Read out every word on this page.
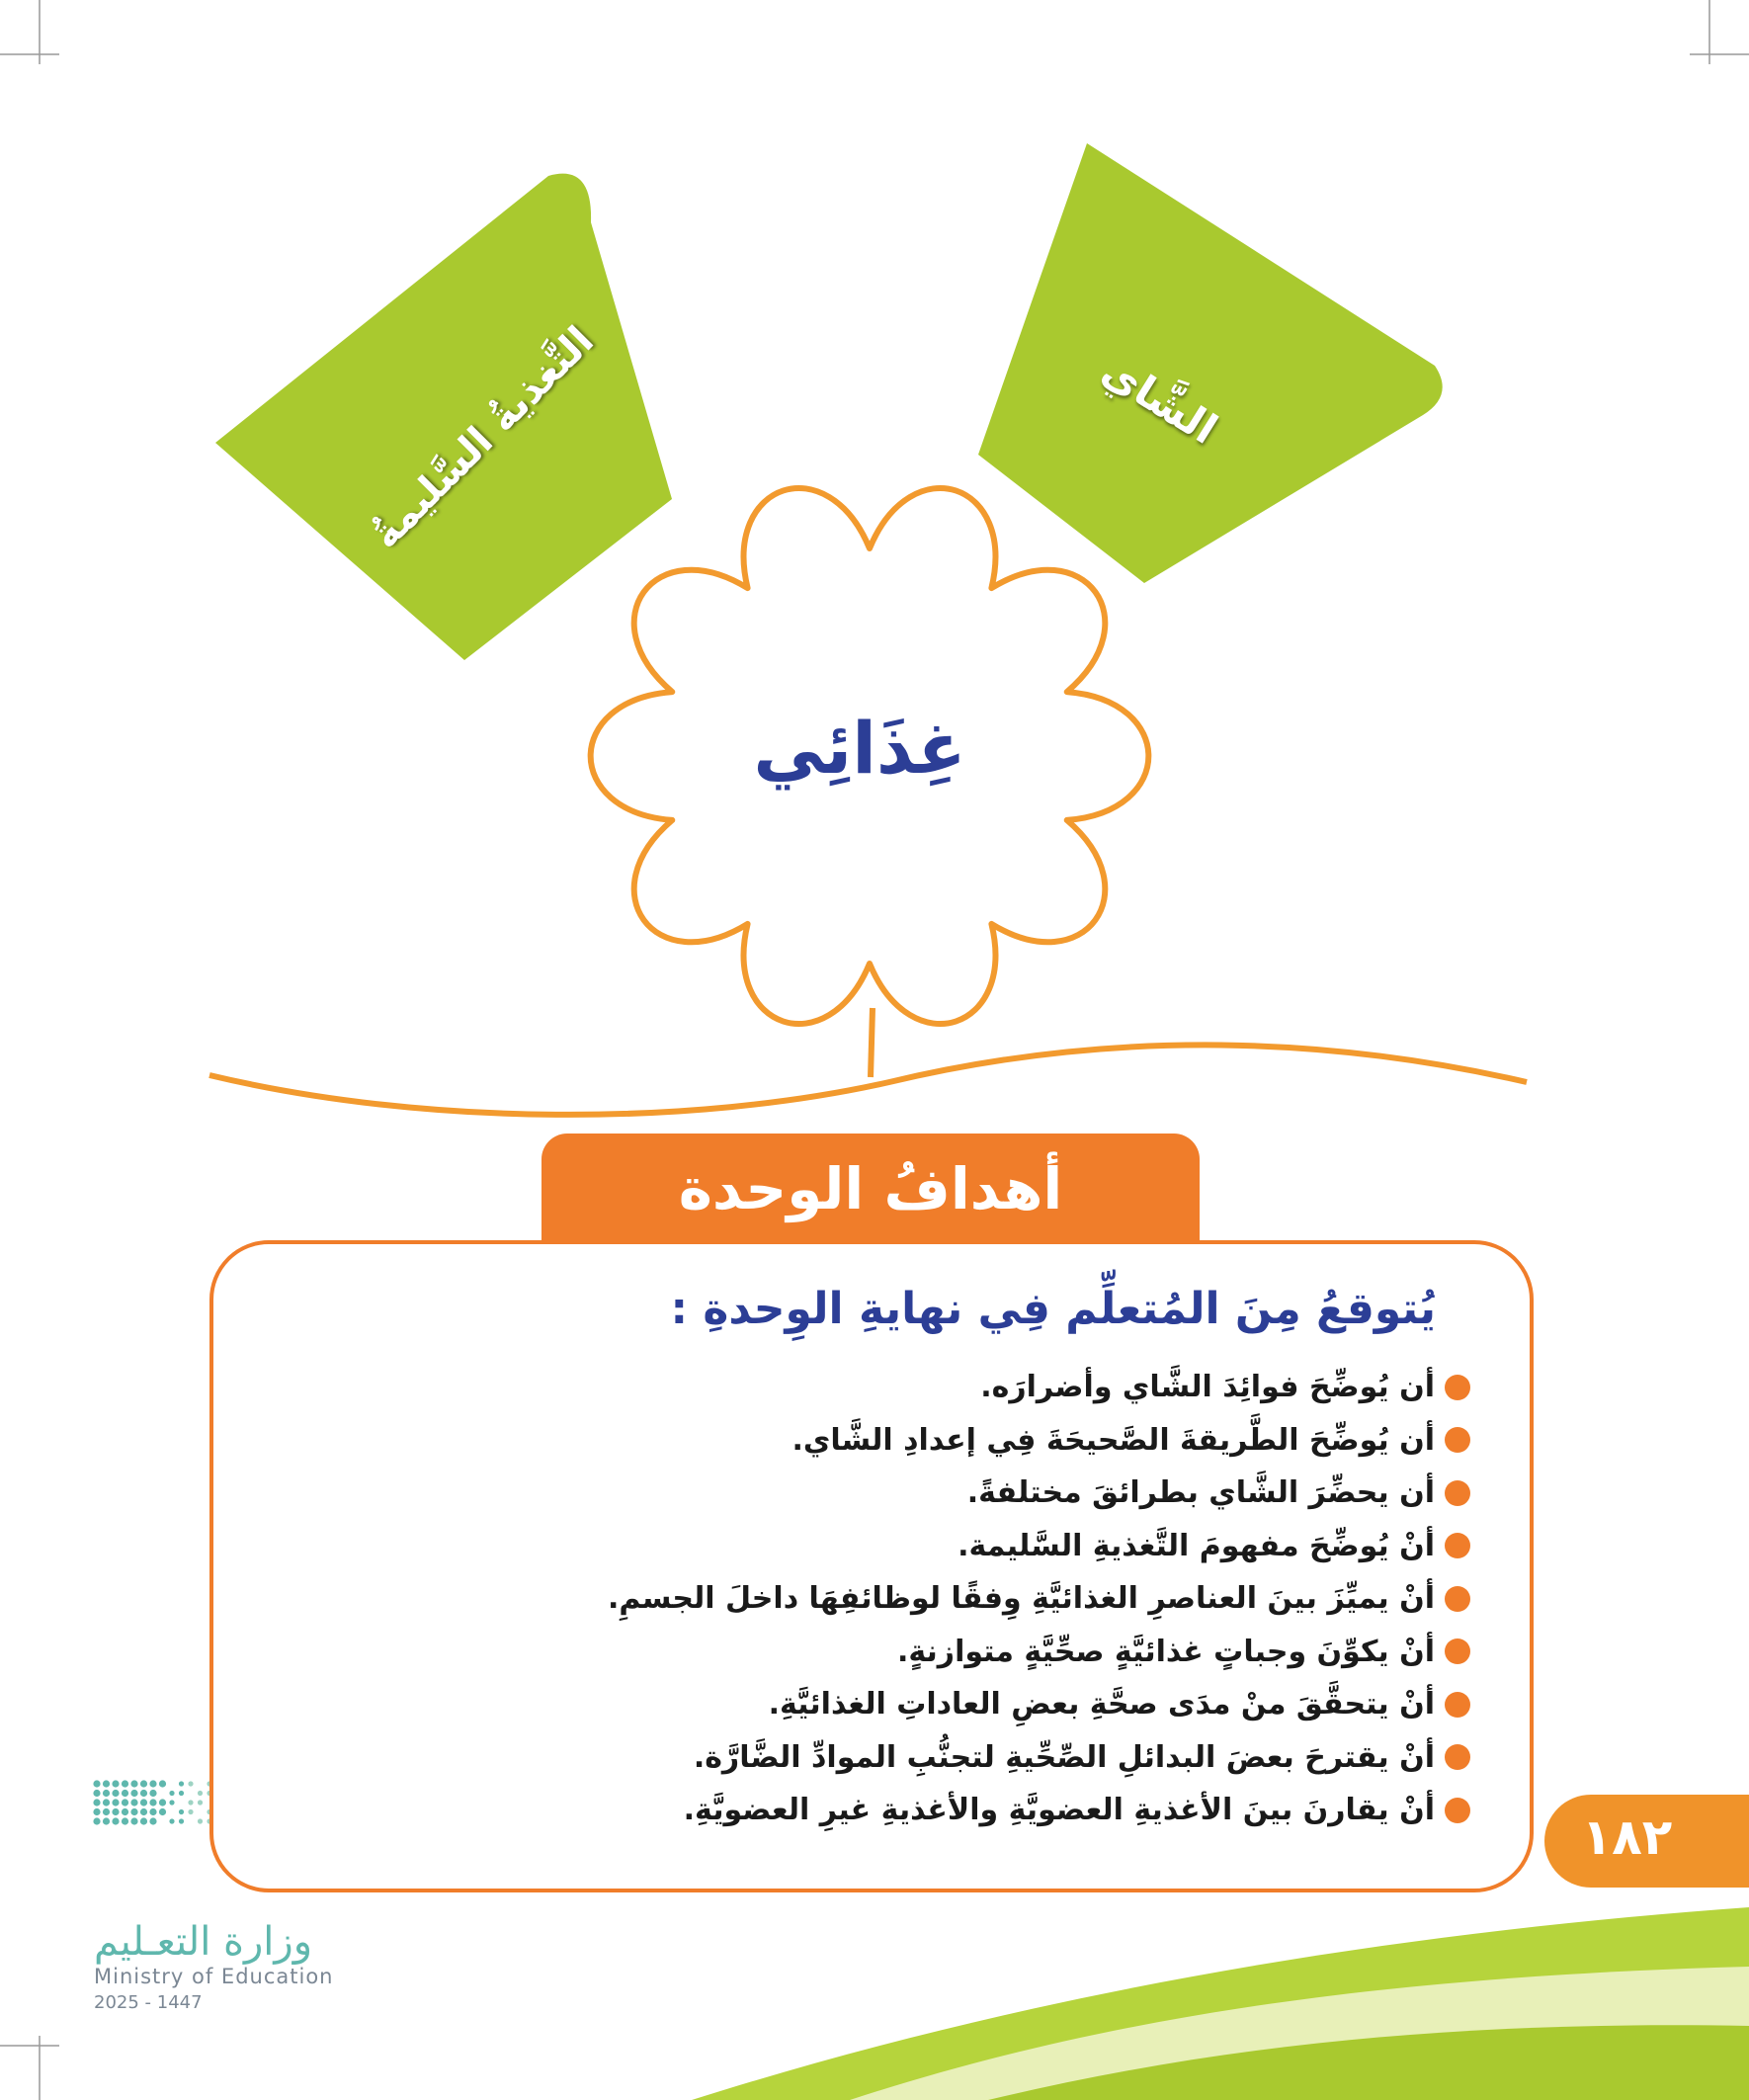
التَّغذيةُ السَّليمةُ	الشَّاي
غِذَائِي
أهدافُ الوحدة
يُتوقعُ مِنَ المُتعلِّم فِي نهايةِ الوِحدةِ :
أن يُوضِّحَ فوائِدَ الشَّاي وأضرارَه.
أن يُوضِّحَ الطَّريقةَ الصَّحيحَةَ فِي إعدادِ الشَّاي.
أن يحضِّرَ الشَّاي بطرائقَ مختلفةً.
أنْ يُوضِّحَ مفهومَ التَّغذيةِ السَّليمة.
أنْ يميِّزَ بينَ العناصرِ الغذائيَّةِ وِفقًا لوظائفِهَا داخلَ الجسمِ.
أنْ يكوِّنَ وجباتٍ غذائيَّةٍ صحِّيَّةٍ متوازنةٍ.
أنْ يتحقَّقَ منْ مدَى صحَّةِ بعضِ العاداتِ الغذائيَّةِ.
أنْ يقترحَ بعضَ البدائلِ الصِّحِّيةِ لتجنُّبِ الموادِّ الضَّارَّة.
أنْ يقارنَ بينَ الأغذيةِ العضويَّةِ والأغذيةِ غيرِ العضويَّةِ.	١٨٢
وزارة التعـليم
Ministry of Education
2025 - 1447
